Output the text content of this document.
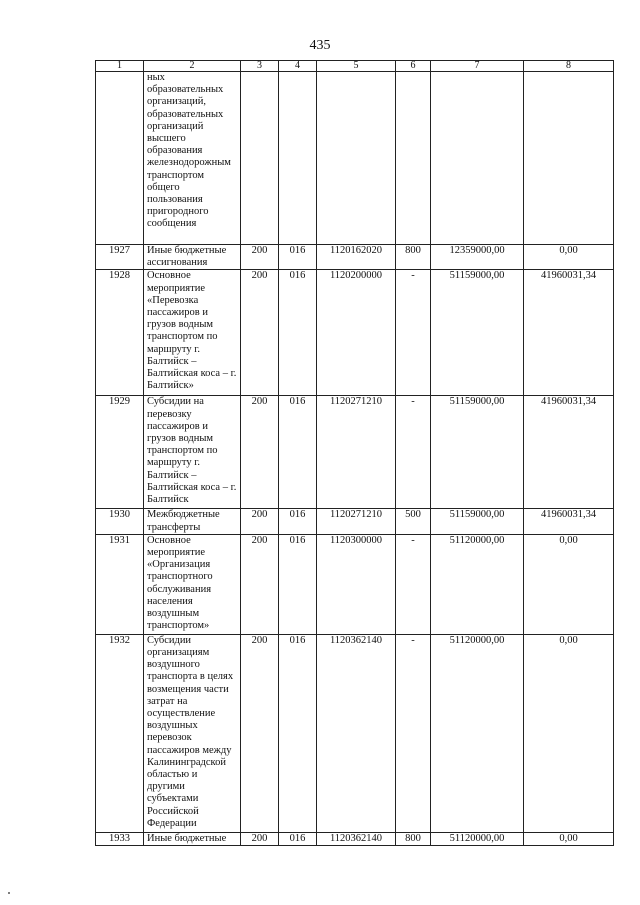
435
1	2	3	4	5	6	7	8
	ных образовательных организаций, образовательных организаций высшего образования железнодорожным транспортом общего пользования пригородного сообщения						
1927	Иные бюджетные ассигнования	200	016	1120162020	800	12359000,00	0,00
1928	Основное мероприятие «Перевозка пассажиров и грузов водным транспортом по маршруту г. Балтийск – Балтийская коса – г. Балтийск»	200	016	1120200000	-	51159000,00	41960031,34
1929	Субсидии на перевозку пассажиров и грузов водным транспортом по маршруту г. Балтийск – Балтийская коса – г. Балтийск	200	016	1120271210	-	51159000,00	41960031,34
1930	Межбюджетные трансферты	200	016	1120271210	500	51159000,00	41960031,34
1931	Основное мероприятие «Организация транспортного обслуживания населения воздушным транспортом»	200	016	1120300000	-	51120000,00	0,00
1932	Субсидии организациям воздушного транспорта в целях возмещения части затрат на осуществление воздушных перевозок пассажиров между Калининградской областью и другими субъектами Российской Федерации	200	016	1120362140	-	51120000,00	0,00
1933	Иные бюджетные	200	016	1120362140	800	51120000,00	0,00
